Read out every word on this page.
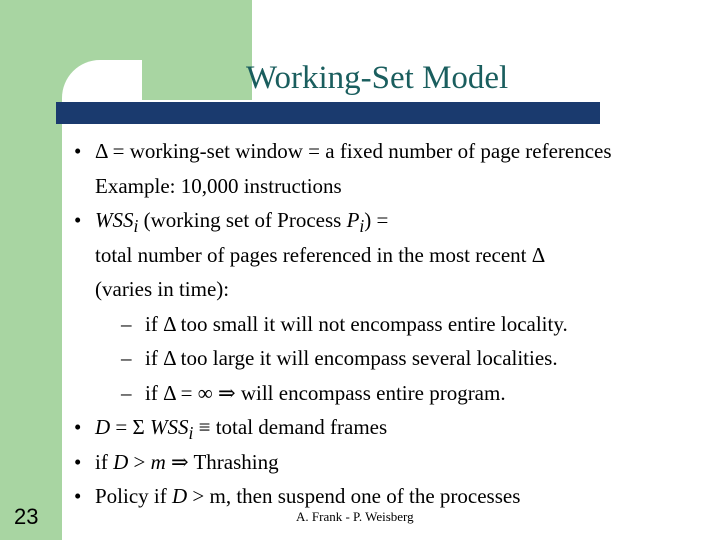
Working-Set Model
• Δ = working-set window = a fixed number of page references
Example: 10,000 instructions
• $WSS_i$ (working set of Process $P_i$) =
total number of pages referenced in the most recent Δ
(varies in time):
– if Δ too small it will not encompass entire locality.
– if Δ too large it will encompass several localities.
– if Δ = ∞ ⇒ will encompass entire program.
• D = Σ $WSS_i$ ≡ total demand frames
• if D > m ⇒ Thrashing
• Policy if D > m, then suspend one of the processes
23	A. Frank - P. Weisberg
